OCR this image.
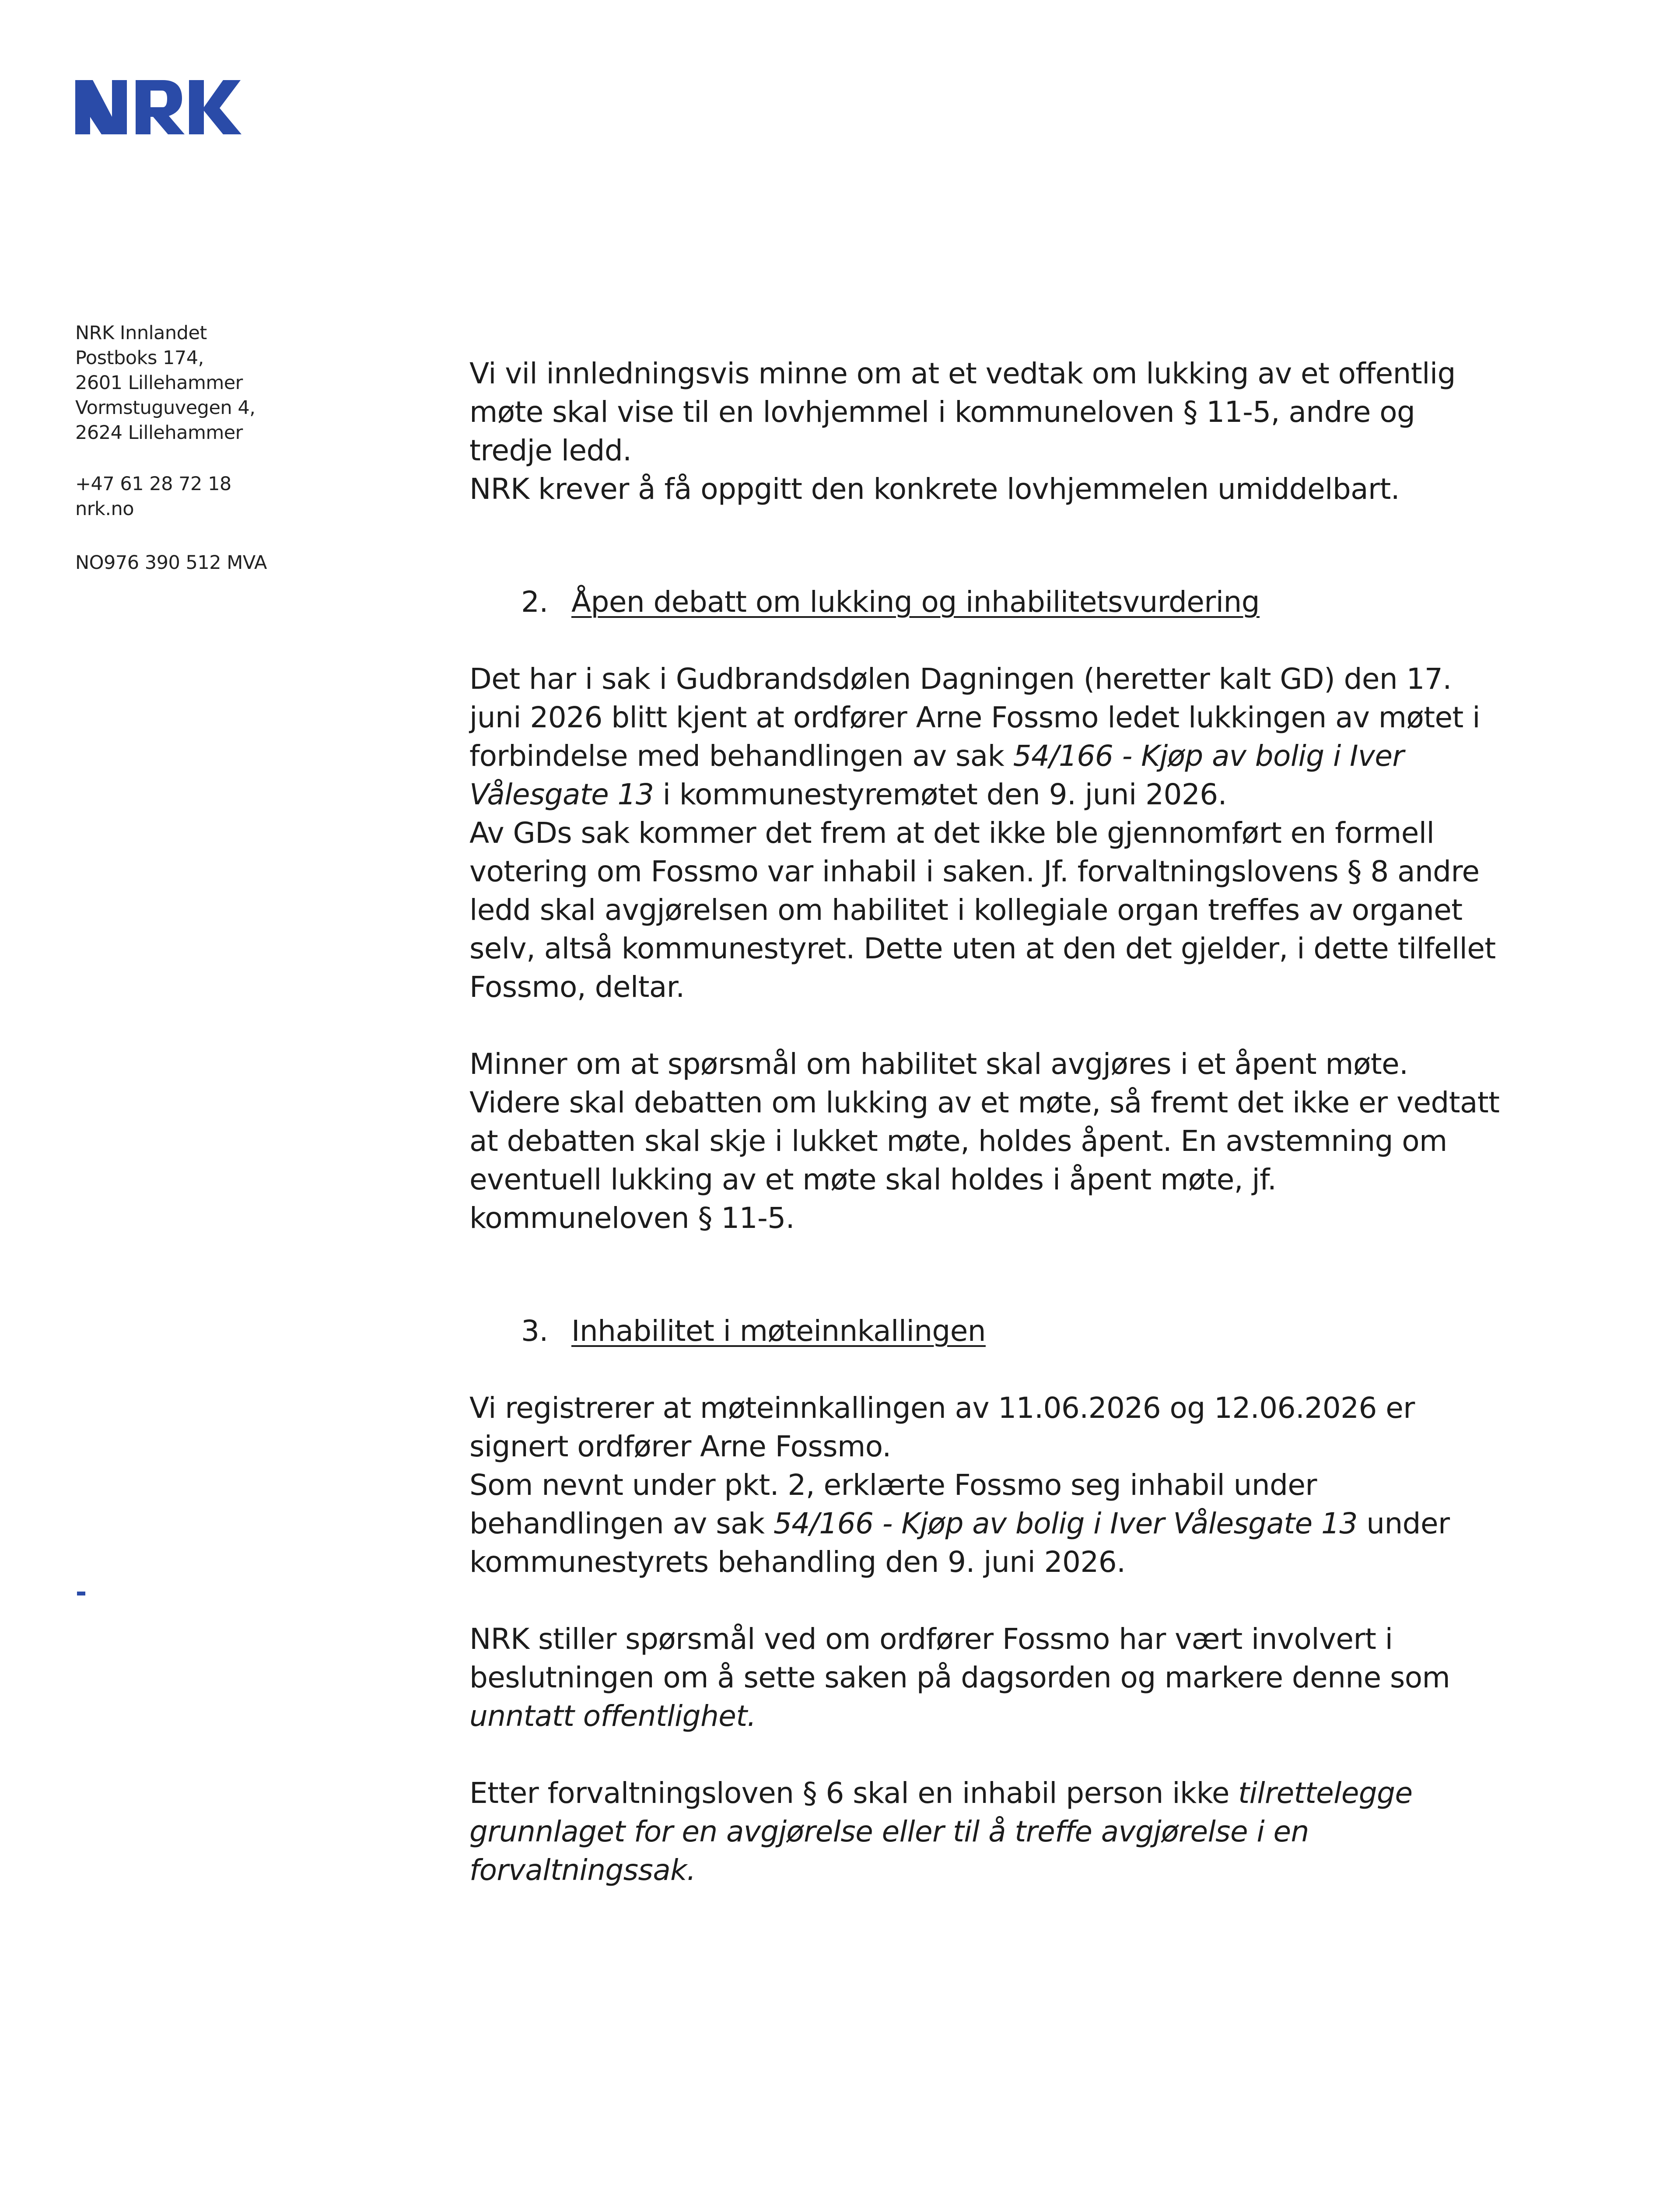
NRK Innlandet
Postboks 174,
2601 Lillehammer
Vormstuguvegen 4,
2624 Lillehammer
+47 61 28 72 18
nrk.no
NO976 390 512 MVA

Vi vil innledningsvis minne om at et vedtak om lukking av et offentlig møte skal vise til en lovhjemmel i kommuneloven § 11-5, andre og tredje ledd.

NRK krever å få oppgitt den konkrete lovhjemmelen umiddelbart.

2. Åpen debatt om lukking og inhabilitetsvurdering

Det har i sak i Gudbrandsdølen Dagningen (heretter kalt GD) den 17. juni 2026 blitt kjent at ordfører Arne Fossmo ledet lukkingen av møtet i forbindelse med behandlingen av sak 54/166 - Kjøp av bolig i Iver Vålesgate 13 i kommunestyremøtet den 9. juni 2026.

Av GDs sak kommer det frem at det ikke ble gjennomført en formell votering om Fossmo var inhabil i saken. Jf. forvaltningslovens § 8 andre ledd skal avgjørelsen om habilitet i kollegiale organ treffes av organet selv, altså kommunestyret. Dette uten at den det gjelder, i dette tilfellet Fossmo, deltar.

Minner om at spørsmål om habilitet skal avgjøres i et åpent møte. Videre skal debatten om lukking av et møte, så fremt det ikke er vedtatt at debatten skal skje i lukket møte, holdes åpent. En avstemning om eventuell lukking av et møte skal holdes i åpent møte, jf. kommuneloven § 11-5.

3. Inhabilitet i møteinnkallingen

Vi registrerer at møteinnkallingen av 11.06.2026 og 12.06.2026 er signert ordfører Arne Fossmo.

Som nevnt under pkt. 2, erklærte Fossmo seg inhabil under behandlingen av sak 54/166 - Kjøp av bolig i Iver Vålesgate 13 under kommunestyrets behandling den 9. juni 2026.

NRK stiller spørsmål ved om ordfører Fossmo har vært involvert i beslutningen om å sette saken på dagsorden og markere denne som unntatt offentlighet.

Etter forvaltningsloven § 6 skal en inhabil person ikke tilrettelegge grunnlaget for en avgjørelse eller til å treffe avgjørelse i en forvaltningssak.
